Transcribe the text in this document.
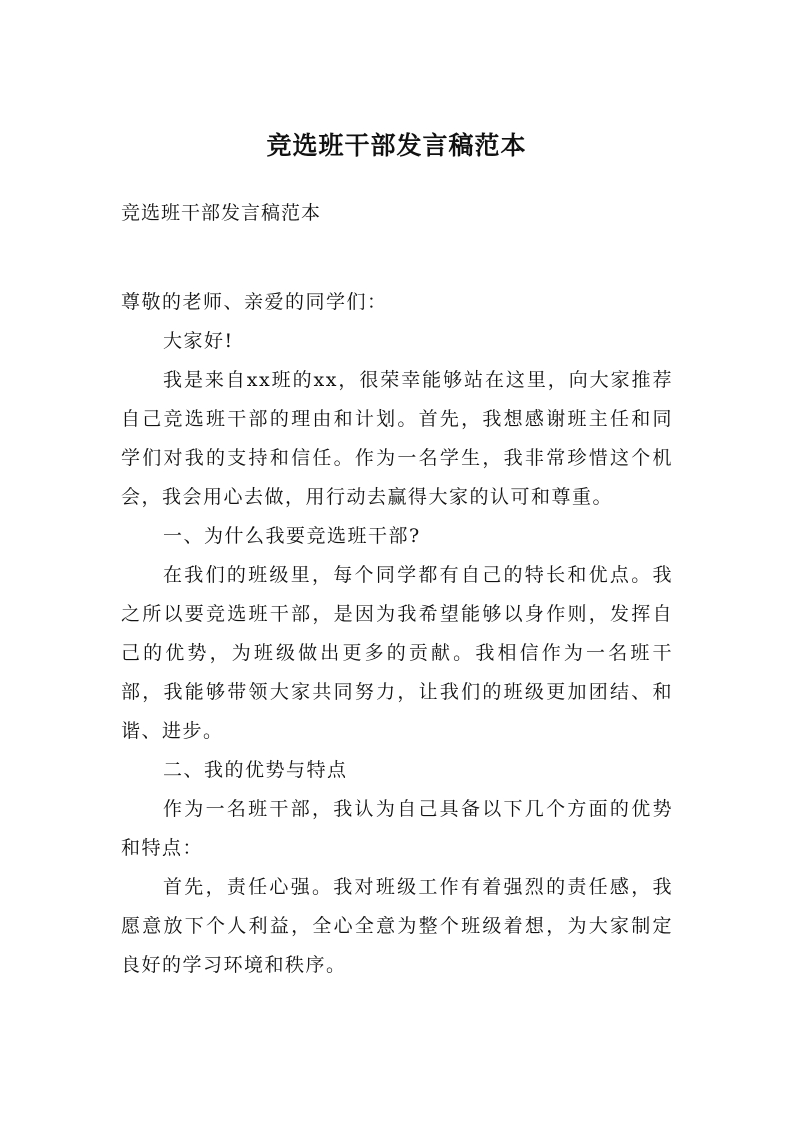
竞选班干部发言稿范本

竞选班干部发言稿范本

尊敬的老师、亲爱的同学们：

大家好!

我是来自xx班的xx，很荣幸能够站在这里，向大家推荐自己竞选班干部的理由和计划。首先，我想感谢班主任和同学们对我的支持和信任。作为一名学生，我非常珍惜这个机会，我会用心去做，用行动去赢得大家的认可和尊重。

一、为什么我要竞选班干部?

在我们的班级里，每个同学都有自己的特长和优点。我之所以要竞选班干部，是因为我希望能够以身作则，发挥自己的优势，为班级做出更多的贡献。我相信作为一名班干部，我能够带领大家共同努力，让我们的班级更加团结、和谐、进步。

二、我的优势与特点

作为一名班干部，我认为自己具备以下几个方面的优势和特点：

首先，责任心强。我对班级工作有着强烈的责任感，我愿意放下个人利益，全心全意为整个班级着想，为大家制定良好的学习环境和秩序。
